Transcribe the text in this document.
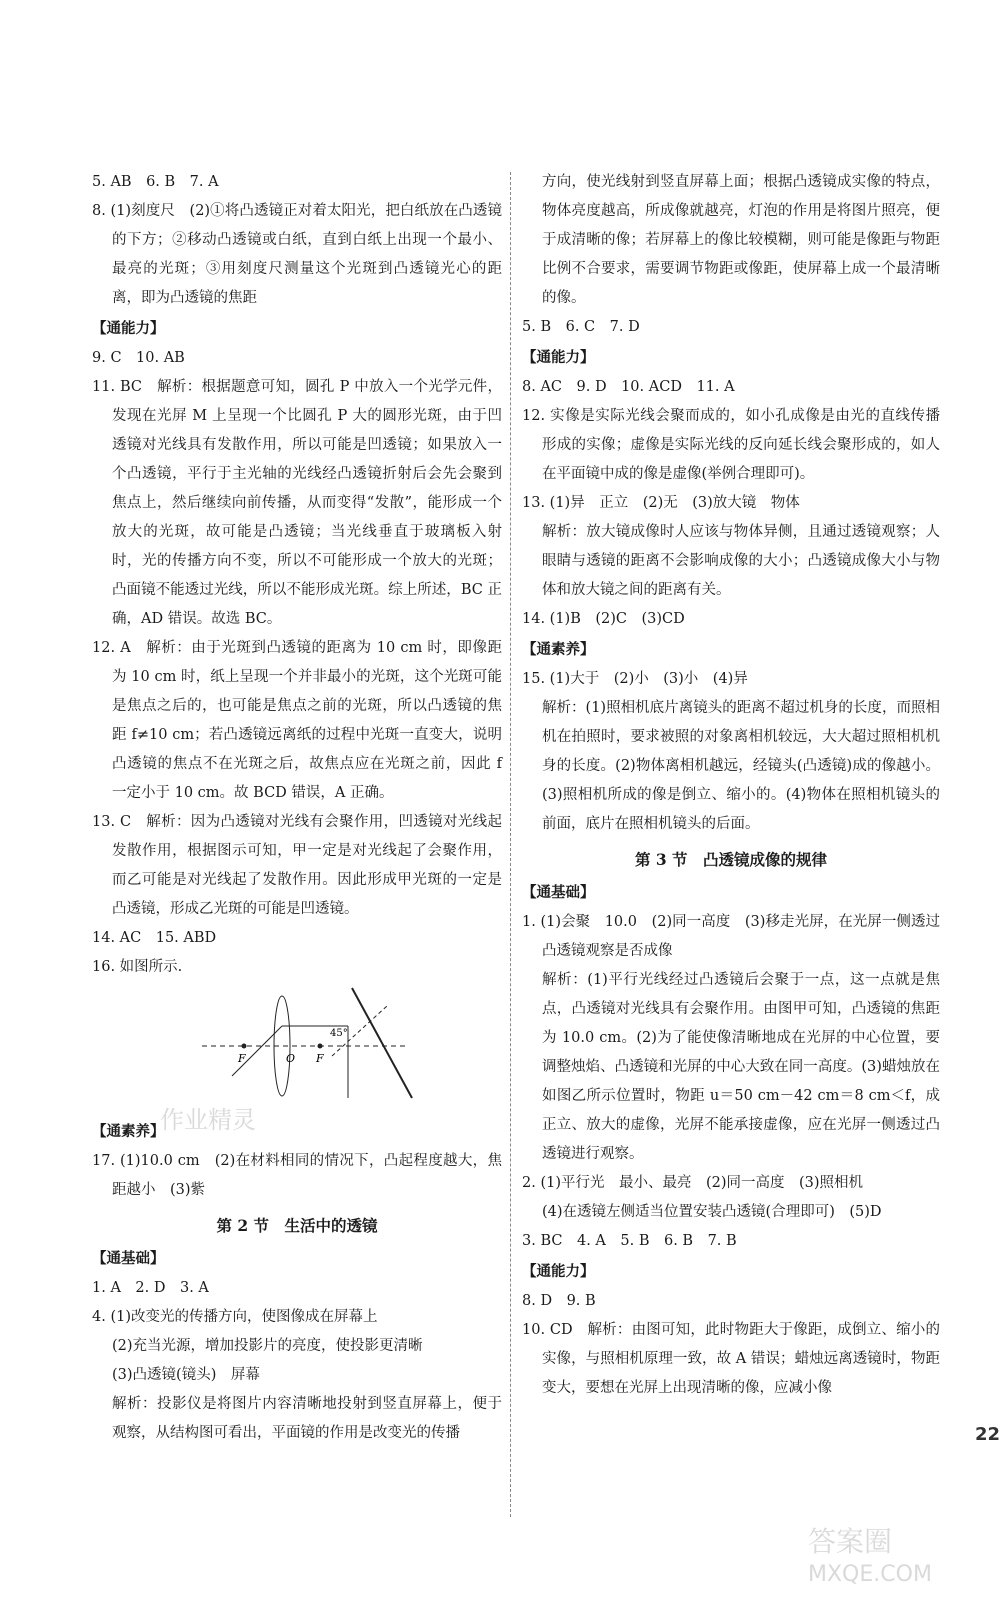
5. AB　6. B　7. A

8. (1)刻度尺　(2)①将凸透镜正对着太阳光，把白纸放在凸透镜的下方；②移动凸透镜或白纸，直到白纸上出现一个最小、最亮的光斑；③用刻度尺测量这个光斑到凸透镜光心的距离，即为凸透镜的焦距

【通能力】

9. C　10. AB

11. BC　解析：根据题意可知，圆孔 P 中放入一个光学元件，发现在光屏 M 上呈现一个比圆孔 P 大的圆形光斑，由于凹透镜对光线具有发散作用，所以可能是凹透镜；如果放入一个凸透镜，平行于主光轴的光线经凸透镜折射后会先会聚到焦点上，然后继续向前传播，从而变得“发散”，能形成一个放大的光斑，故可能是凸透镜；当光线垂直于玻璃板入射时，光的传播方向不变，所以不可能形成一个放大的光斑；凸面镜不能透过光线，所以不能形成光斑。综上所述，BC 正确，AD 错误。故选 BC。

12. A　解析：由于光斑到凸透镜的距离为 10 cm 时，即像距为 10 cm 时，纸上呈现一个并非最小的光斑，这个光斑可能是焦点之后的，也可能是焦点之前的光斑，所以凸透镜的焦距 f≠10 cm；若凸透镜远离纸的过程中光斑一直变大，说明凸透镜的焦点不在光斑之后，故焦点应在光斑之前，因此 f 一定小于 10 cm。故 BCD 错误，A 正确。

13. C　解析：因为凸透镜对光线有会聚作用，凹透镜对光线起发散作用，根据图示可知，甲一定是对光线起了会聚作用，而乙可能是对光线起了发散作用。因此形成甲光斑的一定是凸透镜，形成乙光斑的可能是凹透镜。

14. AC　15. ABD

16. 如图所示.

F	O F
45°

【通素养】

17. (1)10.0 cm　(2)在材料相同的情况下，凸起程度越大，焦距越小　(3)紫

第 2 节　生活中的透镜

【通基础】

1. A　2. D　3. A

4. (1)改变光的传播方向，使图像成在屏幕上

(2)充当光源，增加投影片的亮度，使投影更清晰

(3)凸透镜(镜头)　屏幕

解析：投影仪是将图片内容清晰地投射到竖直屏幕上，便于观察，从结构图可看出，平面镜的作用是改变光的传播

方向，使光线射到竖直屏幕上面；根据凸透镜成实像的特点，物体亮度越高，所成像就越亮，灯泡的作用是将图片照亮，便于成清晰的像；若屏幕上的像比较模糊，则可能是像距与物距比例不合要求，需要调节物距或像距，使屏幕上成一个最清晰的像。

5. B　6. C　7. D

【通能力】

8. AC　9. D　10. ACD　11. A

12. 实像是实际光线会聚而成的，如小孔成像是由光的直线传播形成的实像；虚像是实际光线的反向延长线会聚形成的，如人在平面镜中成的像是虚像(举例合理即可)。

13. (1)异　正立　(2)无　(3)放大镜　物体

解析：放大镜成像时人应该与物体异侧，且通过透镜观察；人眼睛与透镜的距离不会影响成像的大小；凸透镜成像大小与物体和放大镜之间的距离有关。

14. (1)B　(2)C　(3)CD

【通素养】

15. (1)大于　(2)小　(3)小　(4)异

解析：(1)照相机底片离镜头的距离不超过机身的长度，而照相机在拍照时，要求被照的对象离相机较远，大大超过照相机机身的长度。(2)物体离相机越远，经镜头(凸透镜)成的像越小。(3)照相机所成的像是倒立、缩小的。(4)物体在照相机镜头的前面，底片在照相机镜头的后面。

第 3 节　凸透镜成像的规律

【通基础】

1. (1)会聚　10.0　(2)同一高度　(3)移走光屏，在光屏一侧透过凸透镜观察是否成像

解析：(1)平行光线经过凸透镜后会聚于一点，这一点就是焦点，凸透镜对光线具有会聚作用。由图甲可知，凸透镜的焦距为 10.0 cm。(2)为了能使像清晰地成在光屏的中心位置，要调整烛焰、凸透镜和光屏的中心大致在同一高度。(3)蜡烛放在如图乙所示位置时，物距 u＝50 cm－42 cm＝8 cm＜f，成正立、放大的虚像，光屏不能承接虚像，应在光屏一侧透过凸透镜进行观察。

2. (1)平行光　最小、最亮　(2)同一高度　(3)照相机

(4)在透镜左侧适当位置安装凸透镜(合理即可)　(5)D

3. BC　4. A　5. B　6. B　7. B

【通能力】

8. D　9. B

10. CD　解析：由图可知，此时物距大于像距，成倒立、缩小的实像，与照相机原理一致，故 A 错误；蜡烛远离透镜时，物距变大，要想在光屏上出现清晰的像，应减小像

22
作业精灵
答案圈
MXQE.COM
